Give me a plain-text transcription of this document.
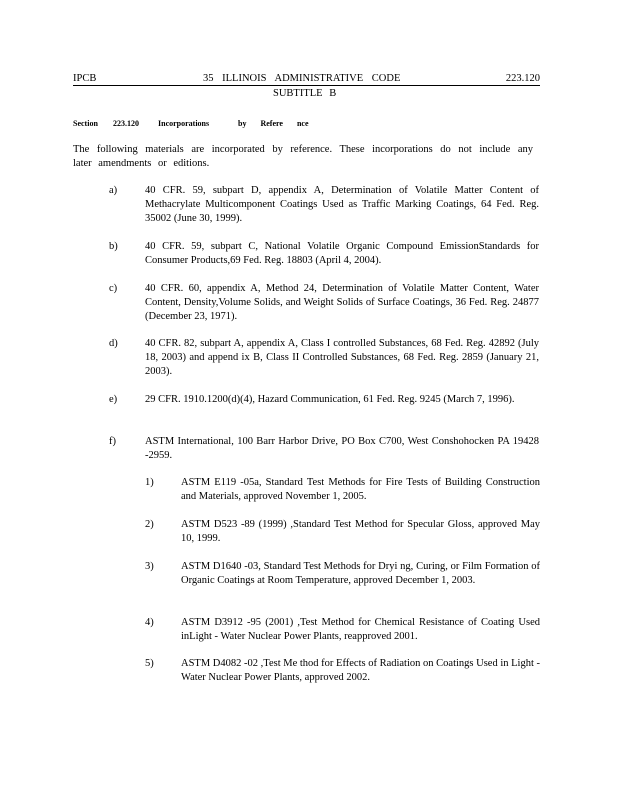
IPCB	35 ILLINOIS ADMINISTRATIVE CODE	223.120
SUBTITLE B
Section 223.120 Incorporations	by Refere nce
The following materials are incorporated by reference. These incorporations do not include any later amendments or editions.
a)	40 CFR. 59, subpart D, appendix A, Determination of Volatile Matter Content of Methacrylate Multicomponent Coatings Used as Traffic Marking Coatings, 64 Fed. Reg. 35002 (June 30, 1999).
b)	40 CFR. 59, subpart C, National Volatile Organic Compound EmissionStandards for Consumer Products,69 Fed. Reg. 18803 (April 4, 2004).
c)	40 CFR. 60, appendix A, Method 24, Determination of Volatile Matter Content, Water Content, Density,Volume Solids, and Weight Solids of Surface Coatings, 36 Fed. Reg. 24877 (December 23, 1971).
d)	40 CFR. 82, subpart A, appendix A, Class I controlled Substances, 68 Fed. Reg. 42892 (July 18, 2003) and append ix B, Class II Controlled Substances, 68 Fed. Reg. 2859 (January 21, 2003).
e)	29 CFR. 1910.1200(d)(4), Hazard Communication, 61 Fed. Reg. 9245 (March 7, 1996).
f)	ASTM International, 100 Barr Harbor Drive, PO Box C700, West Conshohocken PA 19428 -2959.
1)	ASTM E119 -05a, Standard Test Methods for Fire Tests of Building Construction and Materials, approved November 1, 2005.
2)	ASTM D523 -89 (1999) ,Standard Test Method for Specular Gloss, approved May 10, 1999.
3)	ASTM D1640 -03, Standard Test Methods for Dryi ng, Curing, or Film Formation of Organic Coatings at Room Temperature, approved December 1, 2003.
4)	ASTM D3912 -95 (2001) ,Test Method for Chemical Resistance of Coating Used inLight - Water Nuclear Power Plants, reapproved 2001.
5)	ASTM D4082 -02 ,Test Me thod for Effects of Radiation on Coatings Used in Light -Water Nuclear Power Plants, approved 2002.
